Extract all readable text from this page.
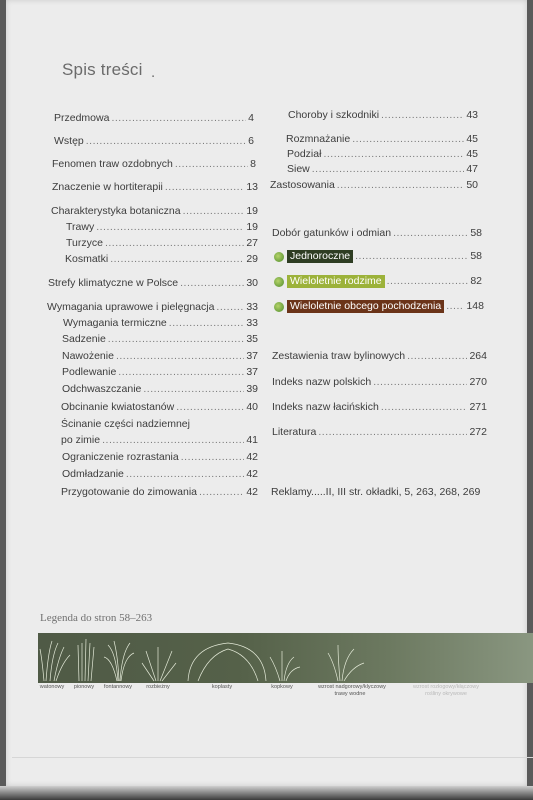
Spis treści .
Przedmowa .....	4
Wstęp .....	6
Fenomen traw ozdobnych .....	8
Znaczenie w hortiterapii .....	13
Charakterystyka botaniczna .....	19
Trawy .....	19
Turzyce .....	27
Kosmatki .....	29
Strefy klimatyczne w Polsce .....	30
Wymagania uprawowe i pielęgnacja .....	33
Wymagania termiczne .....	33
Sadzenie .....	35
Nawożenie .....	37
Podlewanie .....	37
Odchwaszczanie .....	39
Obcinanie kwiatostanów .....	40
Ścinanie części nadziemnej
po zimie .....	41
Ograniczenie rozrastania .....	42
Odmładzanie .....	42
Przygotowanie do zimowania .....	42
Choroby i szkodniki .....	43
Rozmnażanie .....	45
Podział .....	45
Siew .....	47
Zastosowania .....	50
Dobór gatunków i odmian .....	58
Jednoroczne .....	58
Wieloletnie rodzime .....	82
Wieloletnie obcego pochodzenia ..... 148
Zestawienia traw bylinowych .....	264
Indeks nazw polskich .....	270
Indeks nazw łacińskich .....	271
Literatura .....	272
Reklamy.....II, III str. okładki, 5, 263, 268, 269
Legenda do stron 58–263
watonowy	pionowy	fontannowy	rozbieżny	koplasty	kopkowy	wzrost nadgorowy/klyczowy
trawy wodne
wzrost rozłogowy/kłączowy
rośliny okrywowe
